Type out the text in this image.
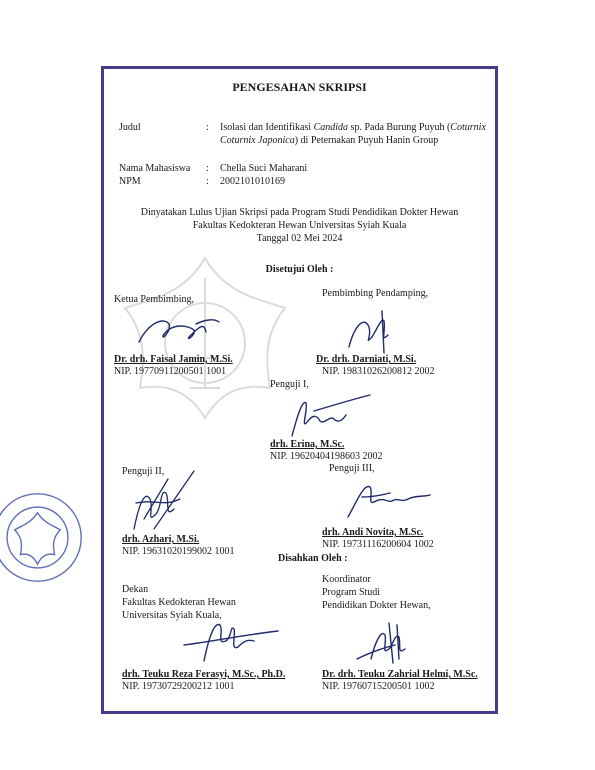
PENGESAHAN SKRIPSI
Judul	: Isolasi dan Identifikasi Candida sp. Pada Burung Puyuh (Coturnix
Coturnix Japonica) di Peternakan Puyuh Hanin Group
Nama Mahasiswa : Chella Suci Maharani
NPM	: 2002101010169
Dinyatakan Lulus Ujian Skripsi pada Program Studi Pendidikan Dokter Hewan
Fakultas Kedokteran Hewan Universitas Syiah Kuala
Tanggal 02 Mei 2024
Disetujui Oleh :
Ketua Pembimbing,
Dr. drh. Faisal Jamin, M.Si.
NIP. 19770911200501 1001
Pembimbing Pendamping,
Dr. drh. Darniati, M.Si.
NIP. 19831026200812 2002
Penguji I,
drh. Erina, M.Sc.
NIP. 19620404198603 2002
Penguji II,
drh. Azhari, M.Si.
NIP. 19631020199002 1001
Penguji III,
drh. Andi Novita, M.Sc.
NIP. 19731116200604 1002
Disahkan Oleh :
Dekan
Fakultas Kedokteran Hewan
Universitas Syiah Kuala,
drh. Teuku Reza Ferasyi, M.Sc., Ph.D.
NIP. 19730729200212 1001
Koordinator
Program Studi
Pendidikan Dokter Hewan,
Dr. drh. Teuku Zahrial Helmi, M.Sc.
NIP. 19760715200501 1002
